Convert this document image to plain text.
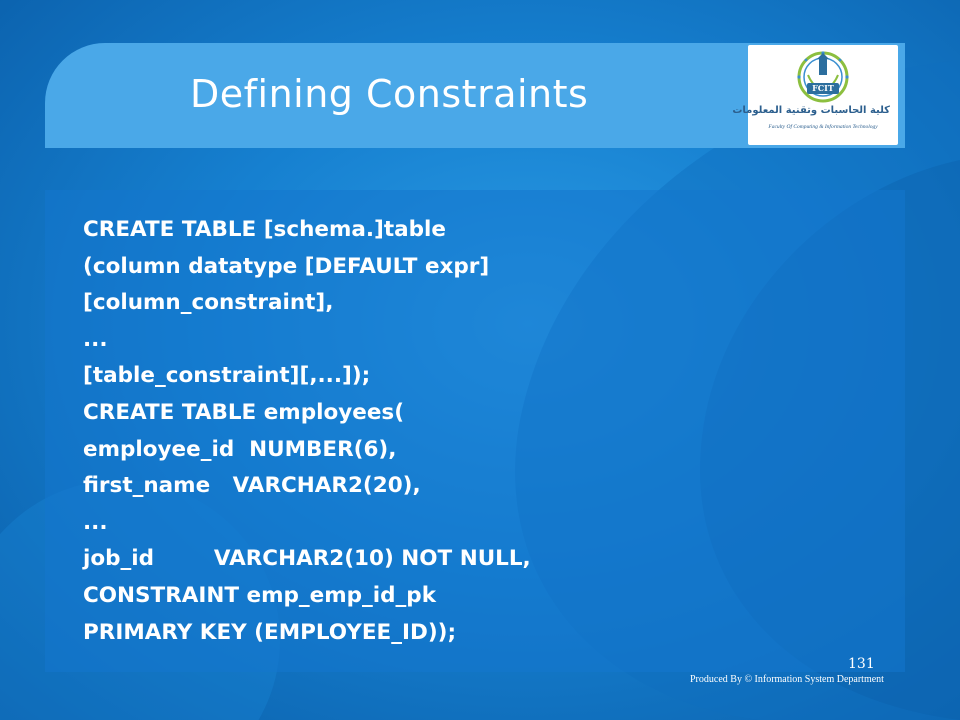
Defining Constraints	FCIT
كلية الحاسبات وتقنية المعلومات
Faculty Of Computing & Information Technology
CREATE TABLE [schema.]table
(column datatype [DEFAULT expr]
[column_constraint],
...
[table_constraint][,...]);
CREATE TABLE employees(
employee_id  NUMBER(6),
first_name   VARCHAR2(20),
...
job_id        VARCHAR2(10) NOT NULL,
CONSTRAINT emp_emp_id_pk
PRIMARY KEY (EMPLOYEE_ID));
131
Produced By © Information System Department
